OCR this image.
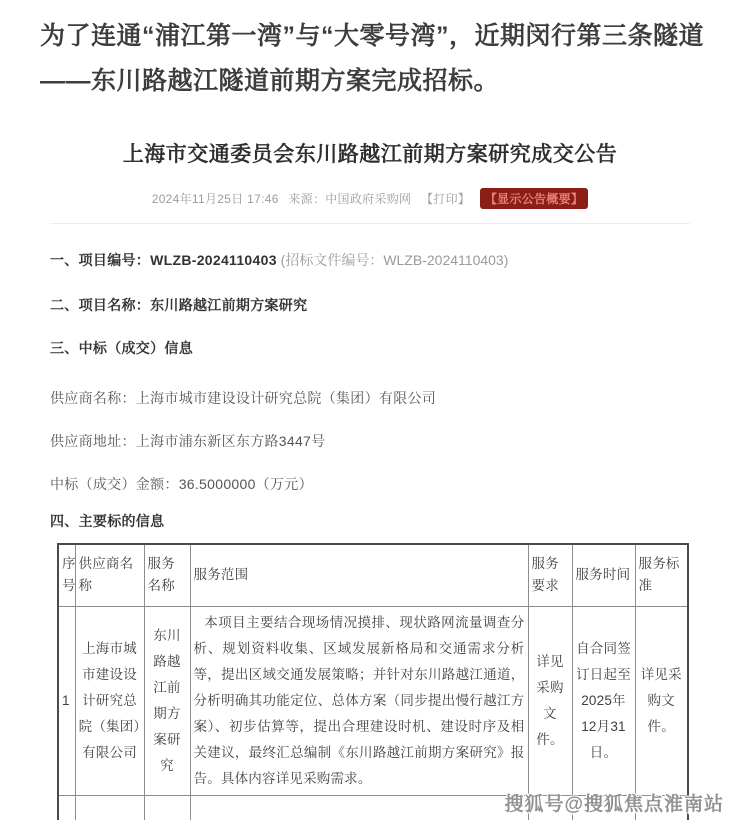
为了连通“浦江第一湾”与“大零号湾”，近期闵行第三条隧道——东川路越江隧道前期方案完成招标。

上海市交通委员会东川路越江前期方案研究成交公告
2024年11月25日 17:46 来源：中国政府采购网 【打印】 【显示公告概要】

一、项目编号：WLZB-2024110403 (招标文件编号：WLZB-2024110403)

二、项目名称：东川路越江前期方案研究

三、中标（成交）信息

供应商名称：上海市城市建设设计研究总院（集团）有限公司

供应商地址：上海市浦东新区东方路3447号

中标（成交）金额：36.5000000（万元）

四、主要标的信息

序号	供应商名称	服务名称	服务范围	服务要求	服务时间	服务标准
1	上海市城市建设设计研究总院（集团）有限公司	东川路越江前期方案研究	本项目主要结合现场情况摸排、现状路网流量调查分析、规划资料收集、区域发展新格局和交通需求分析等，提出区域交通发展策略；并针对东川路越江通道，分析明确其功能定位、总体方案（同步提出慢行越江方案）、初步估算等，提出合理建设时机、建设时序及相关建议，最终汇总编制《东川路越江前期方案研究》报告。具体内容详见采购需求。	详见采购文件。	自合同签订日起至2025年12月31日。	详见采购文件。

搜狐号@搜狐焦点淮南站
